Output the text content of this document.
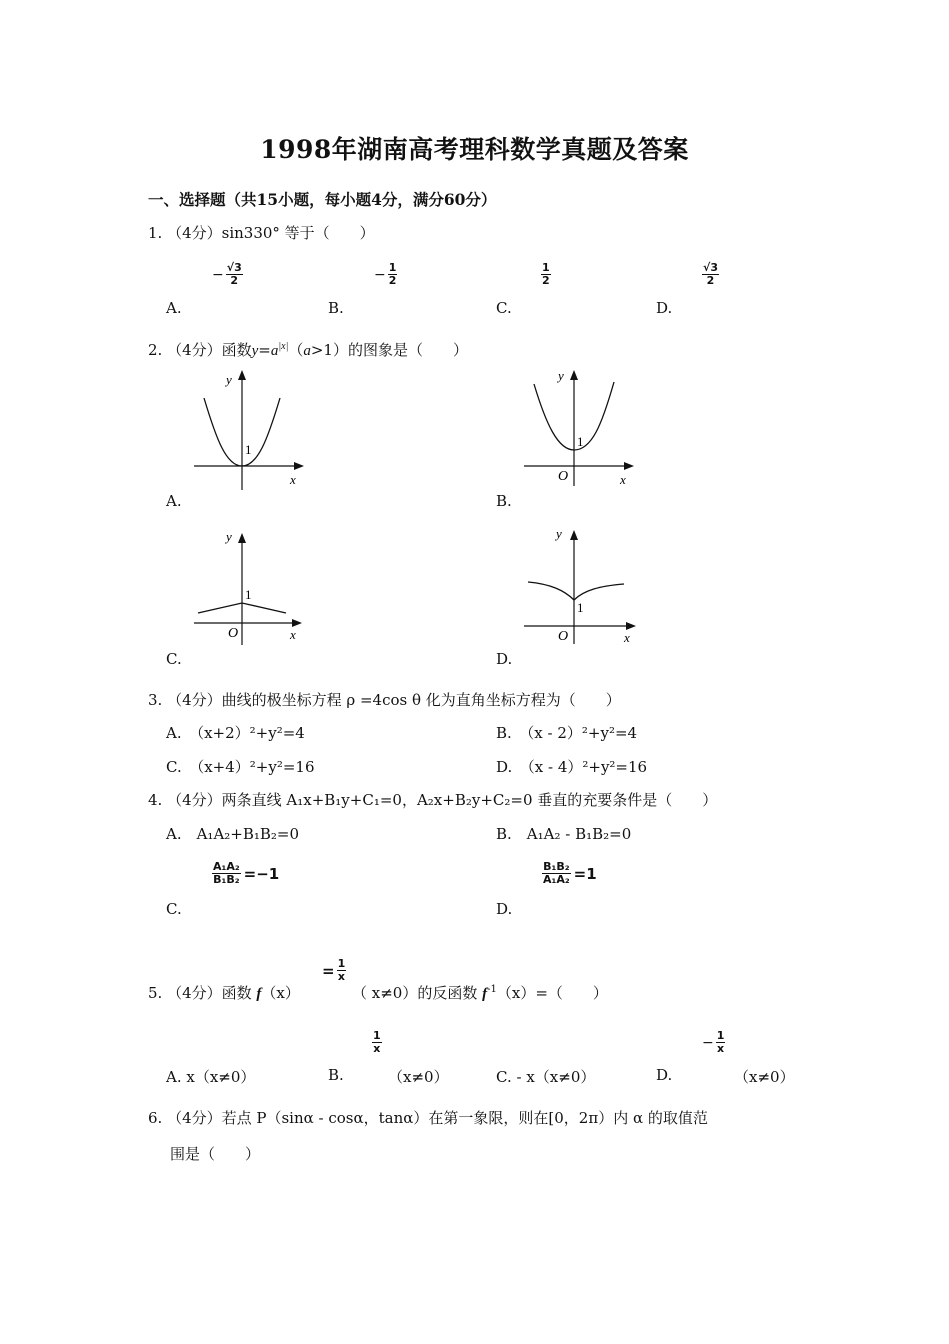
1998年湖南高考理科数学真题及答案
一、选择题（共15小题，每小题4分，满分60分）
1. （4分）sin330° 等于（　　）
− $\frac{√3}{2}$	− $\frac{1}{2}$	$\frac{1}{2}$	$\frac{√3}{2}$
A.	B.	C.	D.
2. （4分）函数$y=a^{|x|}(a>1)$的图象是（　　）
y
x
1
A.
y
x
1
O
B.
y
x
1
O
C.
y
x
1
O
D.
3. （4分）曲线的极坐标方程 ρ =4cos θ 化为直角坐标方程为（　　）
A.　（x+2）²+y²=4	B.　（x - 2）²+y²=4
C.　（x+4）²+y²=16	D.　（x - 4）²+y²=16
4. （4分）两条直线 A₁x+B₁y+C₁=0，A₂x+B₂y+C₂=0 垂直的充要条件是（　　）
A.　A₁A₂+B₁B₂=0	B.　A₁A₂ - B₁B₂=0
$\frac{\text{A₁A₂}}{\text{B₁B₂}} =-1$	$\frac{\text{B₁B₂}}{\text{A₁A₂}} =1$
C.	D.
= $\frac{1}{x}$
5. （4分）函数 f（x）	（ x≠0）的反函数 $f^{-1}(x)=$（　　）
$\frac{1}{x}$	− $\frac{1}{x}$
A. x（x≠0）	B.	（x≠0）	C. - x（x≠0）	D.	（x≠0）
6. （4分）若点 P（sinα - cosα，tanα）在第一象限，则在[0，2π）内 α 的取值范
围是（　　）
